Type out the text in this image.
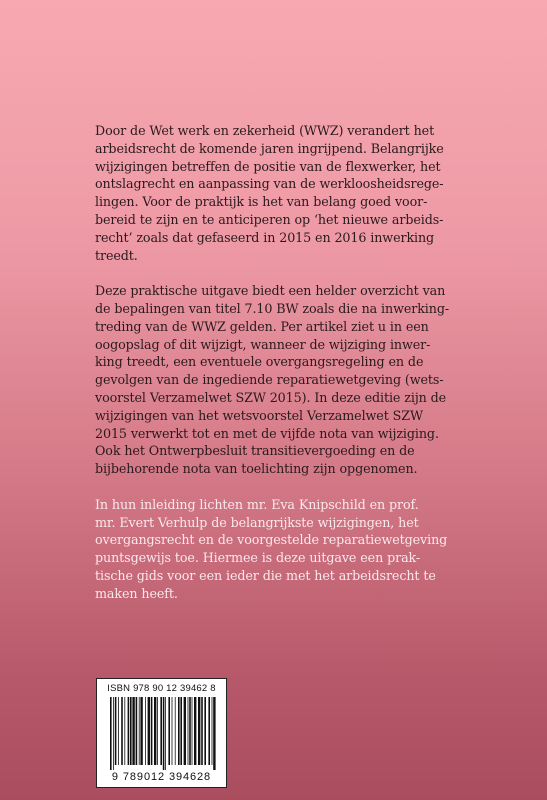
Door de Wet werk en zekerheid (WWZ) verandert het
arbeidsrecht de komende jaren ingrijpend. Belangrijke
wijzigingen betreffen de positie van de flexwerker, het
ontslagrecht en aanpassing van de werkloosheidsrege-
lingen. Voor de praktijk is het van belang goed voor-
bereid te zijn en te anticiperen op ‘het nieuwe arbeids-
recht’ zoals dat gefaseerd in 2015 en 2016 inwerking
treedt.

Deze praktische uitgave biedt een helder overzicht van
de bepalingen van titel 7.10 BW zoals die na inwerking-
treding van de WWZ gelden. Per artikel ziet u in een
oogopslag of dit wijzigt, wanneer de wijziging inwer-
king treedt, een eventuele overgangsregeling en de
gevolgen van de ingediende reparatiewetgeving (wets-
voorstel Verzamelwet SZW 2015). In deze editie zijn de
wijzigingen van het wetsvoorstel Verzamelwet SZW
2015 verwerkt tot en met de vijfde nota van wijziging.
Ook het Ontwerpbesluit transitievergoeding en de
bijbehorende nota van toelichting zijn opgenomen.

In hun inleiding lichten mr. Eva Knipschild en prof.
mr. Evert Verhulp de belangrijkste wijzigingen, het
overgangsrecht en de voorgestelde reparatiewetgeving
puntsgewijs toe. Hiermee is deze uitgave een prak-
tische gids voor een ieder die met het arbeidsrecht te
maken heeft.

ISBN 978 90 12 39462 8
9 789012 394628
